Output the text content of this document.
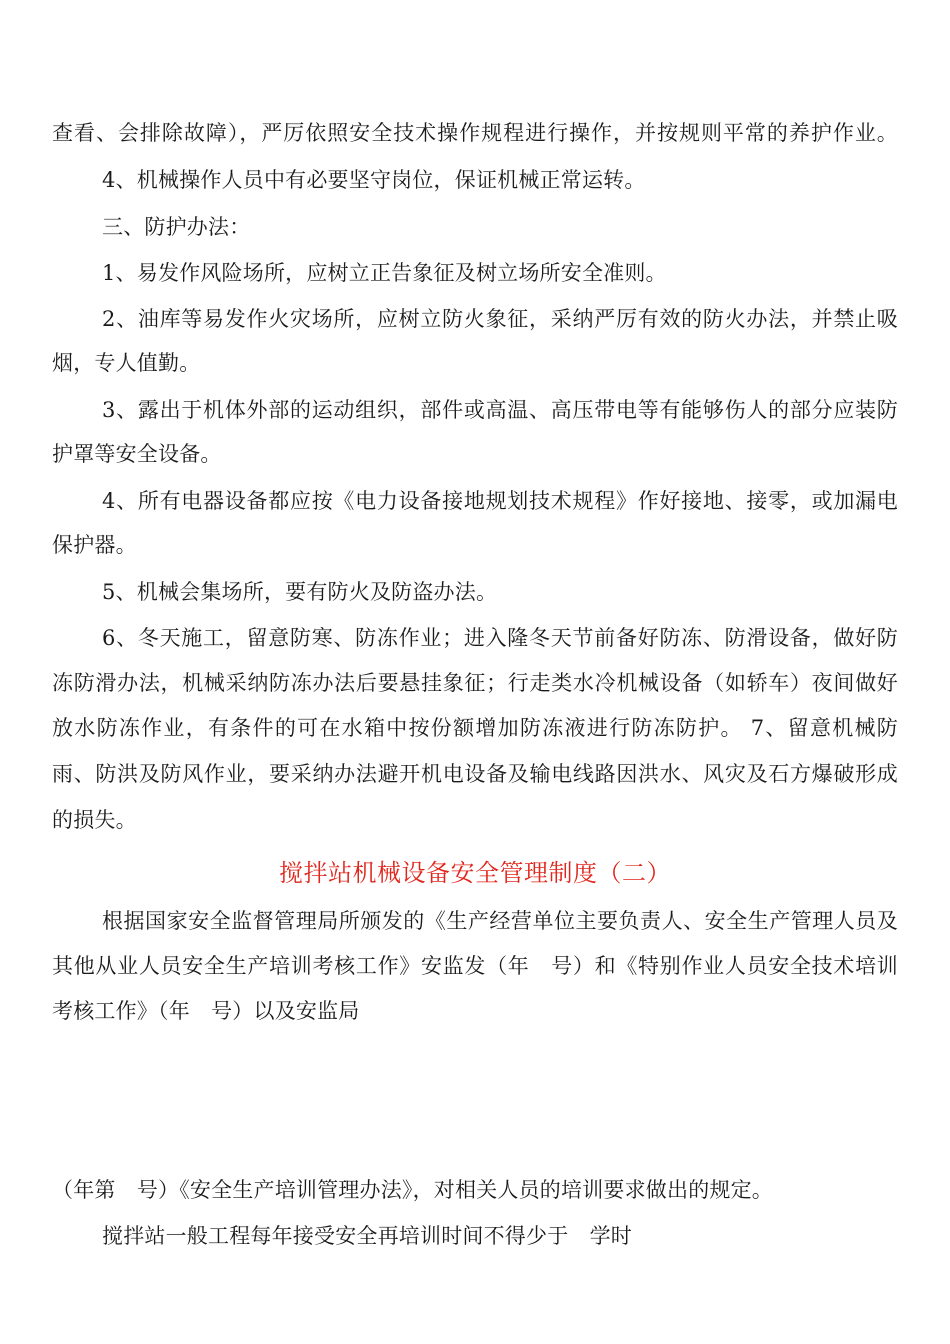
查看、会排除故障），严厉依照安全技术操作规程进行操作，并按规则平常的养护作业。
4、机械操作人员中有必要坚守岗位，保证机械正常运转。
三、防护办法：
1、易发作风险场所，应树立正告象征及树立场所安全准则。
2、油库等易发作火灾场所，应树立防火象征，采纳严厉有效的防火办法，并禁止吸
烟，专人值勤。
3、露出于机体外部的运动组织，部件或高温、高压带电等有能够伤人的部分应装防
护罩等安全设备。
4、所有电器设备都应按《电力设备接地规划技术规程》作好接地、接零，或加漏电
保护器。
5、机械会集场所，要有防火及防盗办法。
6、冬天施工，留意防寒、防冻作业；进入隆冬天节前备好防冻、防滑设备，做好防
冻防滑办法，机械采纳防冻办法后要悬挂象征；行走类水冷机械设备（如轿车）夜间做好
放水防冻作业，有条件的可在水箱中按份额增加防冻液进行防冻防护。 7、留意机械防
雨、防洪及防风作业，要采纳办法避开机电设备及输电线路因洪水、风灾及石方爆破形成
的损失。
搅拌站机械设备安全管理制度（二）
根据国家安全监督管理局所颁发的《生产经营单位主要负责人、安全生产管理人员及
其他从业人员安全生产培训考核工作》安监发（年　号）和《特别作业人员安全技术培训
考核工作》（年　号）以及安监局
（年第　号）《安全生产培训管理办法》，对相关人员的培训要求做出的规定。
搅拌站一般工程每年接受安全再培训时间不得少于　学时
